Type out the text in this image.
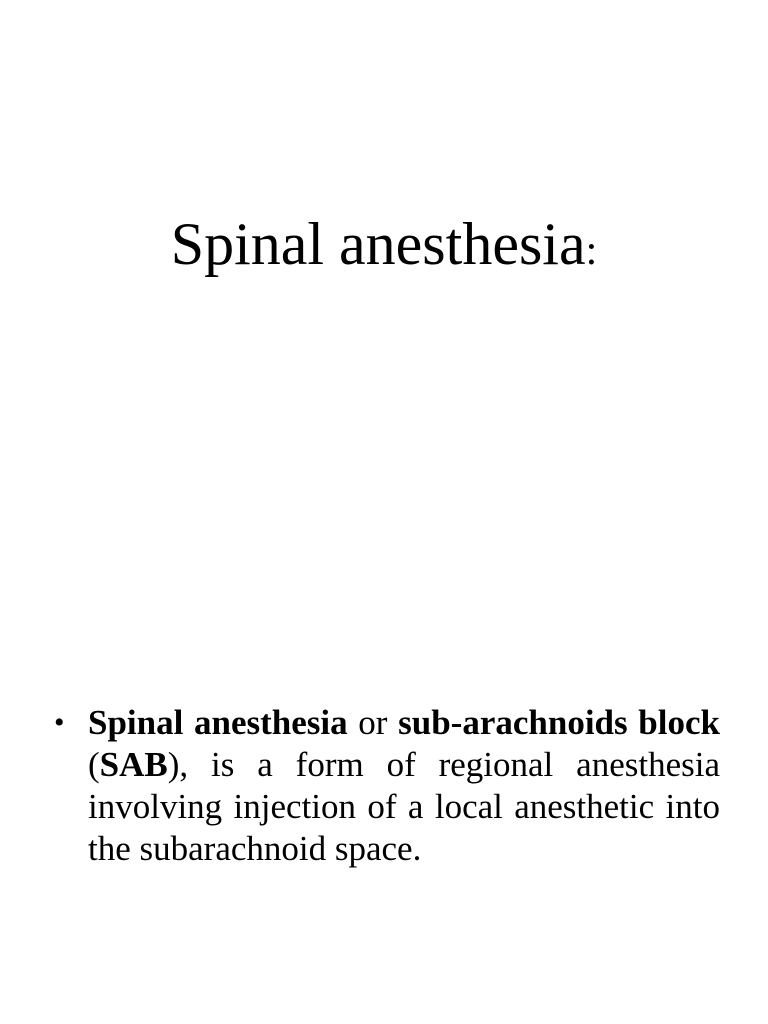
Spinal anesthesia:
• Spinal anesthesia or sub-arachnoids block (SAB), is a form of regional anesthesia involving injection of a local anesthetic into the subarachnoid space.
